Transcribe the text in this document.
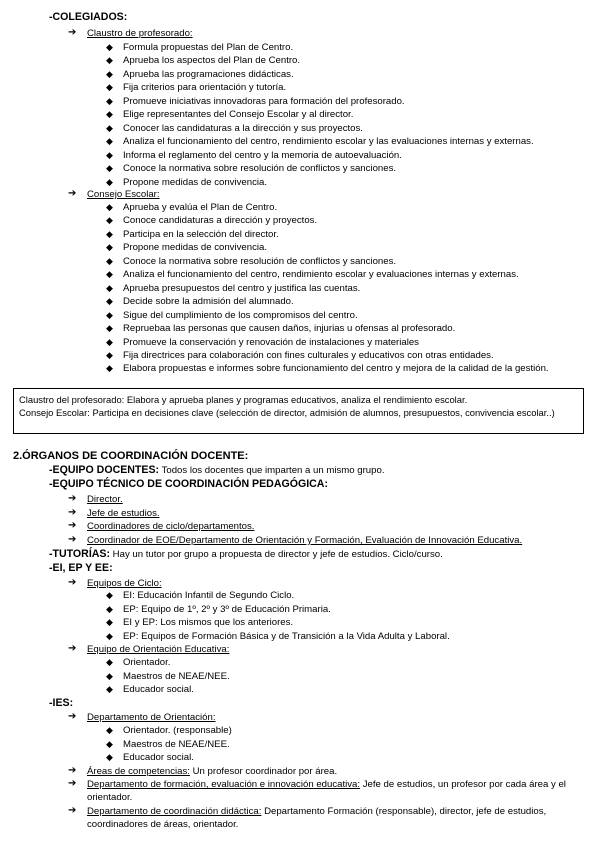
-COLEGIADOS:
➔ Claustro de profesorado:
◆ Formula propuestas del Plan de Centro.
◆ Aprueba los aspectos del Plan de Centro.
◆ Aprueba las programaciones didácticas.
◆ Fija criterios para orientación y tutoría.
◆ Promueve iniciativas innovadoras para formación del profesorado.
◆ Elige representantes del Consejo Escolar y al director.
◆ Conocer las candidaturas a la dirección y sus proyectos.
◆ Analiza el funcionamiento del centro, rendimiento escolar y las evaluaciones internas y externas.
◆ Informa el reglamento del centro y la memoria de autoevaluación.
◆ Conoce la normativa sobre resolución de conflictos y sanciones.
◆ Propone medidas de convivencia.
➔ Consejo Escolar:
◆ Aprueba y evalúa el Plan de Centro.
◆ Conoce candidaturas a dirección y proyectos.
◆ Participa en la selección del director.
◆ Propone medidas de convivencia.
◆ Conoce la normativa sobre resolución de conflictos y sanciones.
◆ Analiza el funcionamiento del centro, rendimiento escolar y evaluaciones internas y externas.
◆ Aprueba presupuestos del centro y justifica las cuentas.
◆ Decide sobre la admisión del alumnado.
◆ Sigue del cumplimiento de los compromisos del centro.
◆ Repruebaa las personas que causen daños, injurias u ofensas al profesorado.
◆ Promueve la conservación y renovación de instalaciones y materiales
◆ Fija directrices para colaboración con fines culturales y educativos con otras entidades.
◆ Elabora propuestas e informes sobre funcionamiento del centro y mejora de la calidad de la gestión.
Claustro del profesorado: Elabora y aprueba planes y programas educativos, analiza el rendimiento escolar.
Consejo Escolar: Participa en decisiones clave (selección de director, admisión de alumnos, presupuestos, convivencia escolar..)
2.ÓRGANOS DE COORDINACIÓN DOCENTE:
-EQUIPO DOCENTES: Todos los docentes que imparten a un mismo grupo.
-EQUIPO TÉCNICO DE COORDINACIÓN PEDAGÓGICA:
➔ Director.
➔ Jefe de estudios.
➔ Coordinadores de ciclo/departamentos.
➔ Coordinador de EOE/Departamento de Orientación y Formación, Evaluación de Innovación Educativa.
-TUTORÍAS: Hay un tutor por grupo a propuesta de director y jefe de estudios. Ciclo/curso.
-EI, EP Y EE:
➔ Equipos de Ciclo:
◆ EI: Educación Infantil de Segundo Ciclo.
◆ EP: Equipo de 1º, 2º y 3º de Educación Primaria.
◆ EI y EP: Los mismos que los anteriores.
◆ EP: Equipos de Formación Básica y de Transición a la Vida Adulta y Laboral.
➔ Equipo de Orientación Educativa:
◆ Orientador.
◆ Maestros de NEAE/NEE.
◆ Educador social.
-IES:
➔ Departamento de Orientación:
◆ Orientador. (responsable)
◆ Maestros de NEAE/NEE.
◆ Educador social.
➔ Áreas de competencias: Un profesor coordinador por área.
➔ Departamento de formación, evaluación e innovación educativa: Jefe de estudios, un profesor por cada área y el orientador.
➔ Departamento de coordinación didáctica: Departamento Formación (responsable), director, jefe de estudios, coordinadores de áreas, orientador.
